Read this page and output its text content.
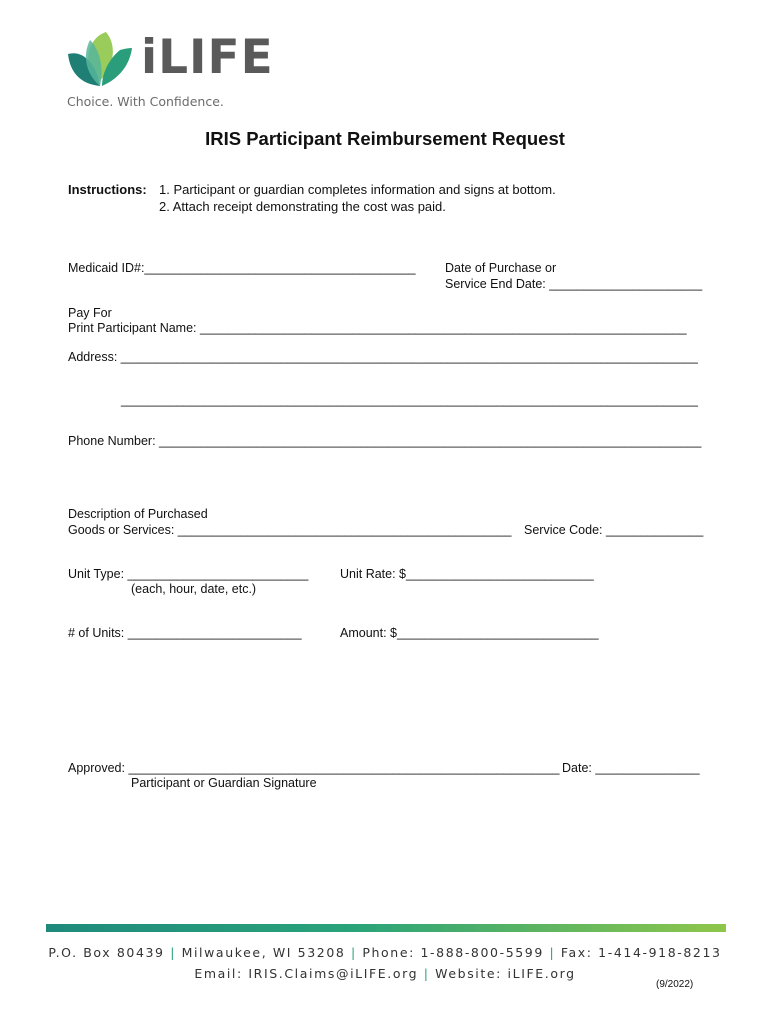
iLIFE
Choice. With Confidence.
IRIS Participant Reimbursement Request
Instructions: 1. Participant or guardian completes information and signs at bottom.
2. Attach receipt demonstrating the cost was paid.
Medicaid ID#:_______________________________________ Date of Purchase or
Service End Date: ______________________
Pay For
Print Participant Name: ______________________________________________________________________
Address: ___________________________________________________________________________________
___________________________________________________________________________________
Phone Number: ______________________________________________________________________________
Description of Purchased
Goods or Services: ________________________________________________ Service Code: ______________
Unit Type: __________________________
(each, hour, date, etc.)
Unit Rate: $___________________________
# of Units: _________________________	Amount: $_____________________________
Approved: ______________________________________________________________
Participant or Guardian Signature
Date: _______________
P.O. Box 80439 | Milwaukee, WI 53208 | Phone: 1-888-800-5599 | Fax: 1-414-918-8213
Email: IRIS.Claims@iLIFE.org | Website: iLIFE.org
(9/2022)
